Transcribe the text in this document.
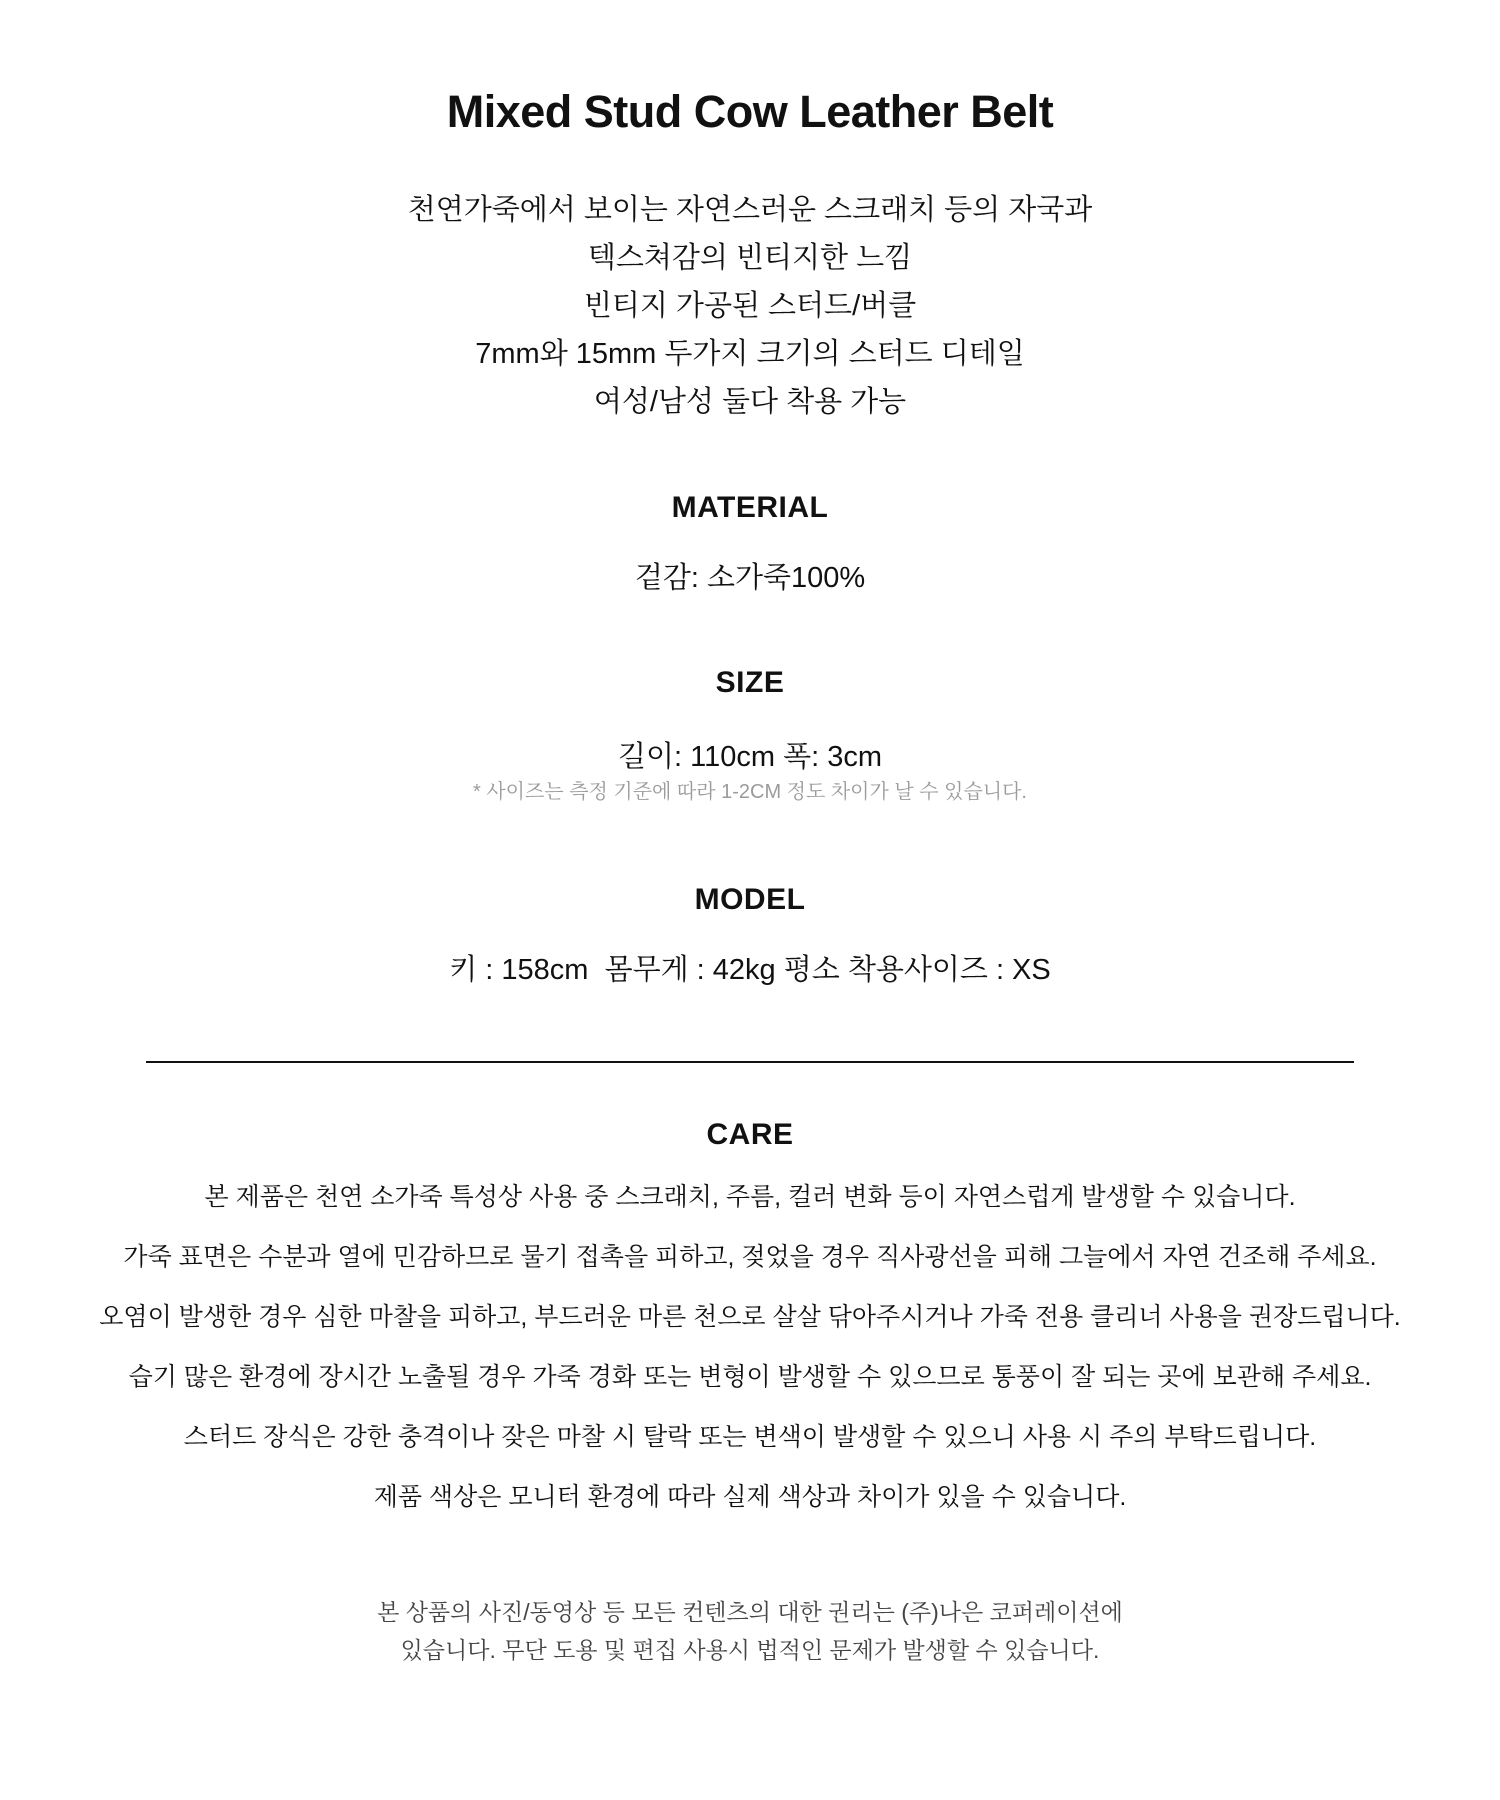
Mixed Stud Cow Leather Belt
천연가죽에서 보이는 자연스러운 스크래치 등의 자국과
텍스쳐감의 빈티지한 느낌
빈티지 가공된 스터드/버클
7mm와 15mm 두가지 크기의 스터드 디테일
여성/남성 둘다 착용 가능
MATERIAL
겉감: 소가죽100%
SIZE
길이: 110cm 폭: 3cm
* 사이즈는 측정 기준에 따라 1-2CM 정도 차이가 날 수 있습니다.
MODEL
키 : 158cm  몸무게 : 42kg 평소 착용사이즈 : XS
CARE
본 제품은 천연 소가죽 특성상 사용 중 스크래치, 주름, 컬러 변화 등이 자연스럽게 발생할 수 있습니다.
가죽 표면은 수분과 열에 민감하므로 물기 접촉을 피하고, 젖었을 경우 직사광선을 피해 그늘에서 자연 건조해 주세요.
오염이 발생한 경우 심한 마찰을 피하고, 부드러운 마른 천으로 살살 닦아주시거나 가죽 전용 클리너 사용을 권장드립니다.
습기 많은 환경에 장시간 노출될 경우 가죽 경화 또는 변형이 발생할 수 있으므로 통풍이 잘 되는 곳에 보관해 주세요.
스터드 장식은 강한 충격이나 잦은 마찰 시 탈락 또는 변색이 발생할 수 있으니 사용 시 주의 부탁드립니다.
제품 색상은 모니터 환경에 따라 실제 색상과 차이가 있을 수 있습니다.
본 상품의 사진/동영상 등 모든 컨텐츠의 대한 권리는 (주)나은 코퍼레이션에
있습니다. 무단 도용 및 편집 사용시 법적인 문제가 발생할 수 있습니다.
